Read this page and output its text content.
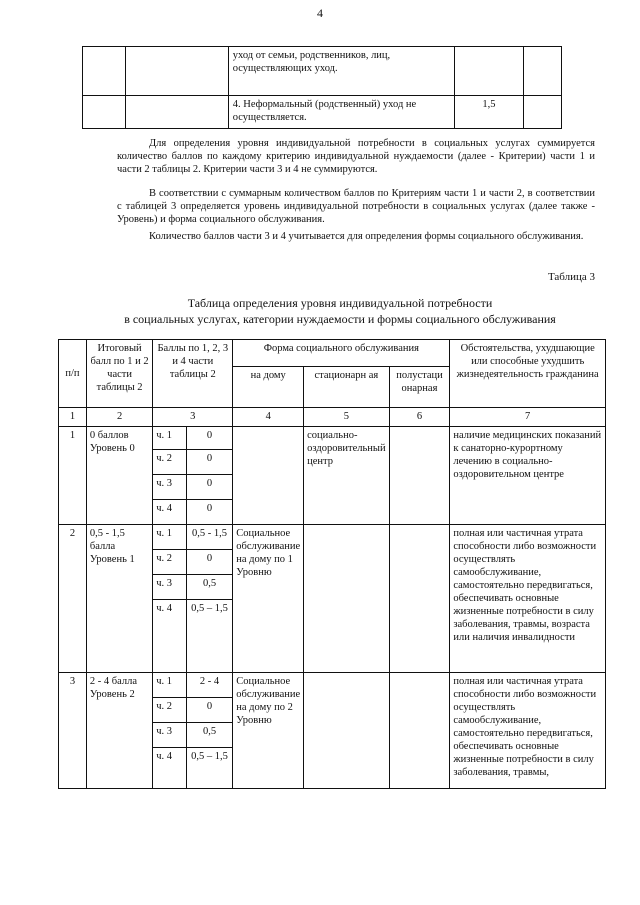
4
		уход от семьи, родственников, лиц, осуществляющих уход.		
		4. Неформальный (родственный) уход не осуществляется.	1,5	
Для определения уровня индивидуальной потребности в социальных услугах суммируется количество баллов по каждому критерию индивидуальной нуждаемости (далее - Критерии) части 1 и части 2 таблицы 2. Критерии части 3 и 4 не суммируются.
В соответствии с суммарным количеством баллов по Критериям части 1 и части 2, в соответствии с таблицей 3 определяется уровень индивидуальной потребности в социальных услугах (далее также - Уровень) и форма социального обслуживания.
Количество баллов части 3 и 4 учитывается для определения формы социального обслуживания.
Таблица 3
Таблица определения уровня индивидуальной потребности
в социальных услугах, категории нуждаемости и формы социального обслуживания
п/п	Итоговый балл по 1 и 2 части таблицы 2	Баллы по 1, 2, 3 и 4 части таблицы 2		Форма социального обслуживания			Обстоятельства, ухудшающие или способные ухудшить жизнедеятельность гражданина
				на дому	стационарн ая	полустаци онарная	
1	2	3		4	5	6	7
1	0 баллов Уровень 0	ч. 1	0		социально-оздоровительный центр		наличие медицинских показаний к санаторно-курортному лечению в социально-оздоровительном центре
		ч. 2	0				
		ч. 3	0				
		ч. 4	0				
2	0,5 - 1,5 балла Уровень 1	ч. 1	0,5 - 1,5	Социальное обслуживание на дому по 1 Уровню			полная или частичная утрата способности либо возможности осуществлять самообслуживание, самостоятельно передвигаться, обеспечивать основные жизненные потребности в силу заболевания, травмы, возраста или наличия инвалидности
		ч. 2	0				
		ч. 3	0,5				
		ч. 4	0,5 – 1,5				
3	2 - 4 балла Уровень 2	ч. 1	2 - 4	Социальное обслуживание на дому по 2 Уровню			полная или частичная утрата способности либо возможности осуществлять самообслуживание, самостоятельно передвигаться, обеспечивать основные жизненные потребности в силу заболевания, травмы,
		ч. 2	0				
		ч. 3	0,5				
		ч. 4	0,5 – 1,5				
